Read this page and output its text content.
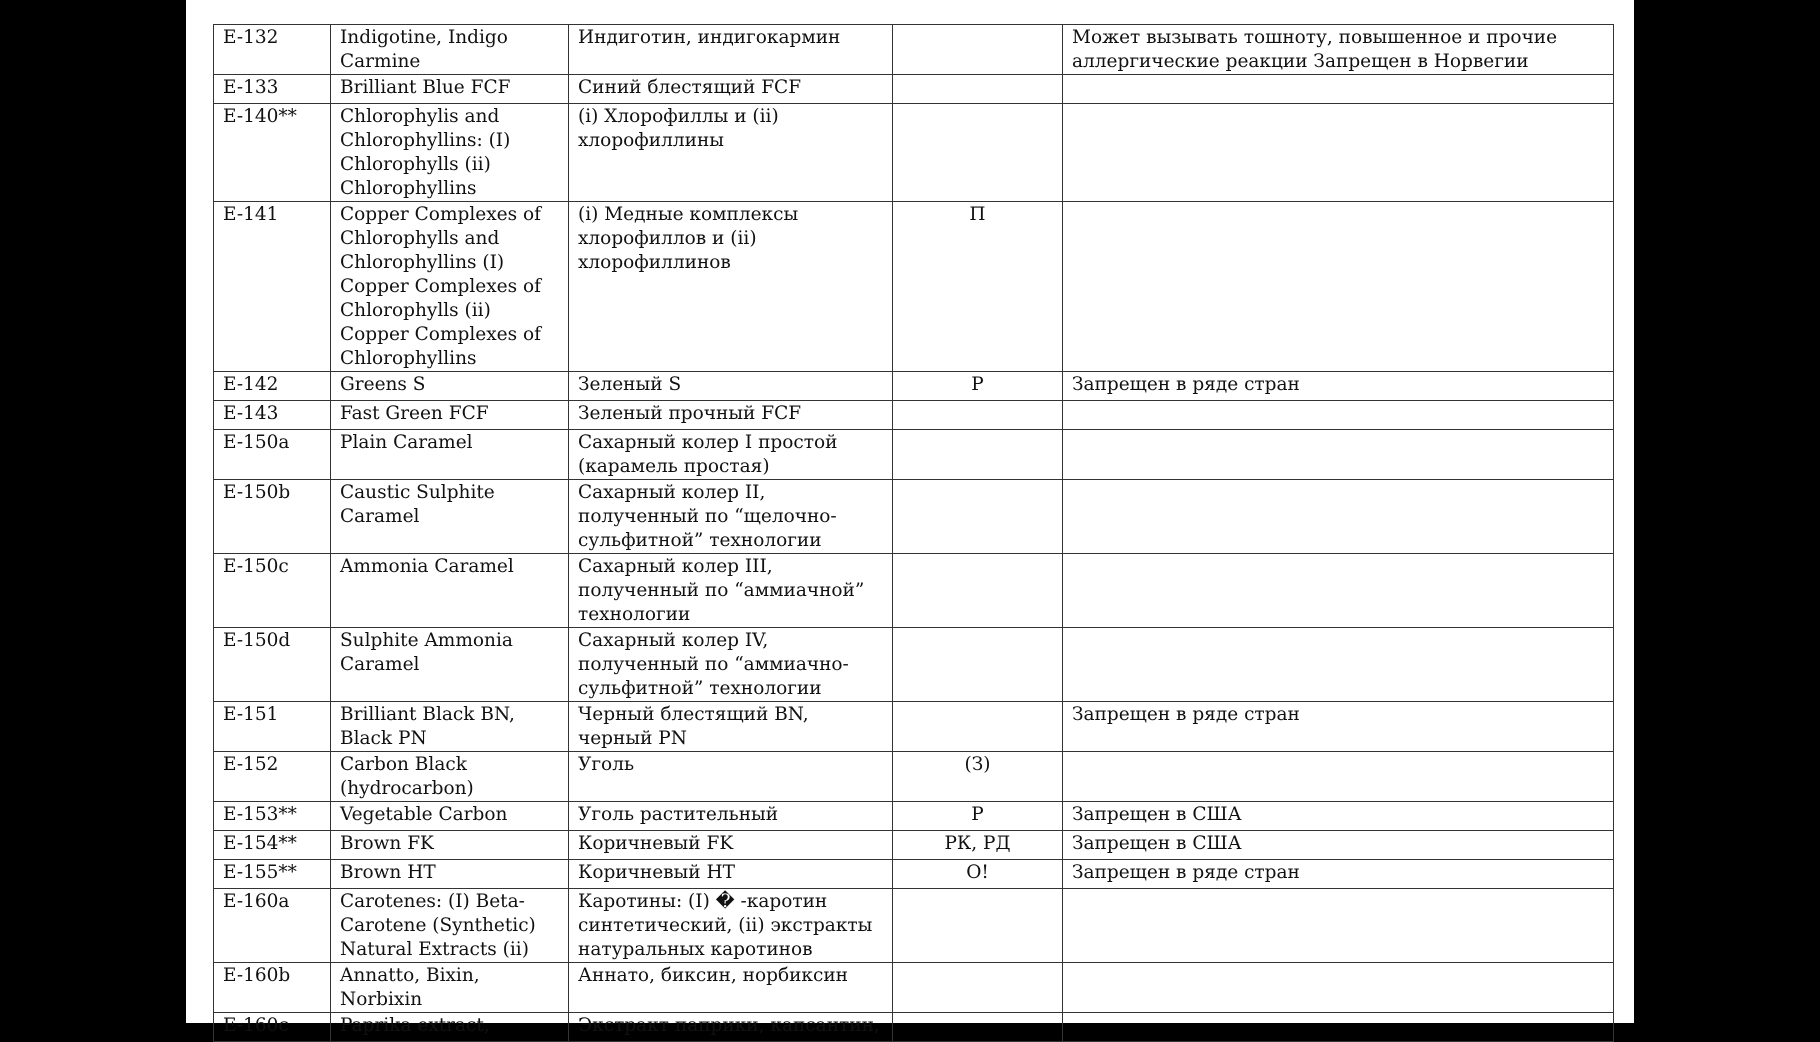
E-132	Indigotine, Indigo Carmine	Индиготин, индигокармин		Может вызывать тошноту, повышенное и прочие аллергические реакции Запрещен в Норвегии
E-133	Brilliant Blue FCF	Синий блестящий FCF		
E-140**	Chlorophylis and Chlorophyllins: (I) Chlorophylls (ii) Chlorophyllins	(i) Хлорофиллы и (ii) хлорофиллины		
E-141	Copper Complexes of Chlorophylls and Chlorophyllins (I) Copper Complexes of Chlorophylls (ii) Copper Complexes of Chlorophyllins	(i) Медные комплексы хлорофиллов и (ii) хлорофиллинов	П	
E-142	Greens S	Зеленый S	Р	Запрещен в ряде стран
E-143	Fast Green FCF	Зеленый прочный FCF		
E-150a	Plain Caramel	Сахарный колер I простой (карамель простая)		
E-150b	Caustic Sulphite Caramel	Сахарный колер II, полученный по “щелочно-сульфитной” технологии		
E-150c	Ammonia Caramel	Сахарный колер III, полученный по “аммиачной” технологии		
E-150d	Sulphite Ammonia Caramel	Сахарный колер IV, полученный по “аммиачно-сульфитной” технологии		
E-151	Brilliant Black BN, Black PN	Черный блестящий BN, черный PN		Запрещен в ряде стран
E-152	Carbon Black (hydrocarbon)	Уголь	(З)	
E-153**	Vegetable Carbon	Уголь растительный	Р	Запрещен в США
E-154**	Brown FK	Коричневый FK	РК, РД	Запрещен в США
E-155**	Brown HT	Коричневый HT	О!	Запрещен в ряде стран
E-160a	Carotenes: (I) Beta-Carotene (Synthetic) Natural Extracts (ii)	Каротины: (I) � -каротин синтетический, (ii) экстракты натуральных каротинов		
E-160b	Annatto, Bixin, Norbixin	Аннато, биксин, норбиксин		
E-160c	Paprika extract,	Экстракт паприки, капсантин,		
